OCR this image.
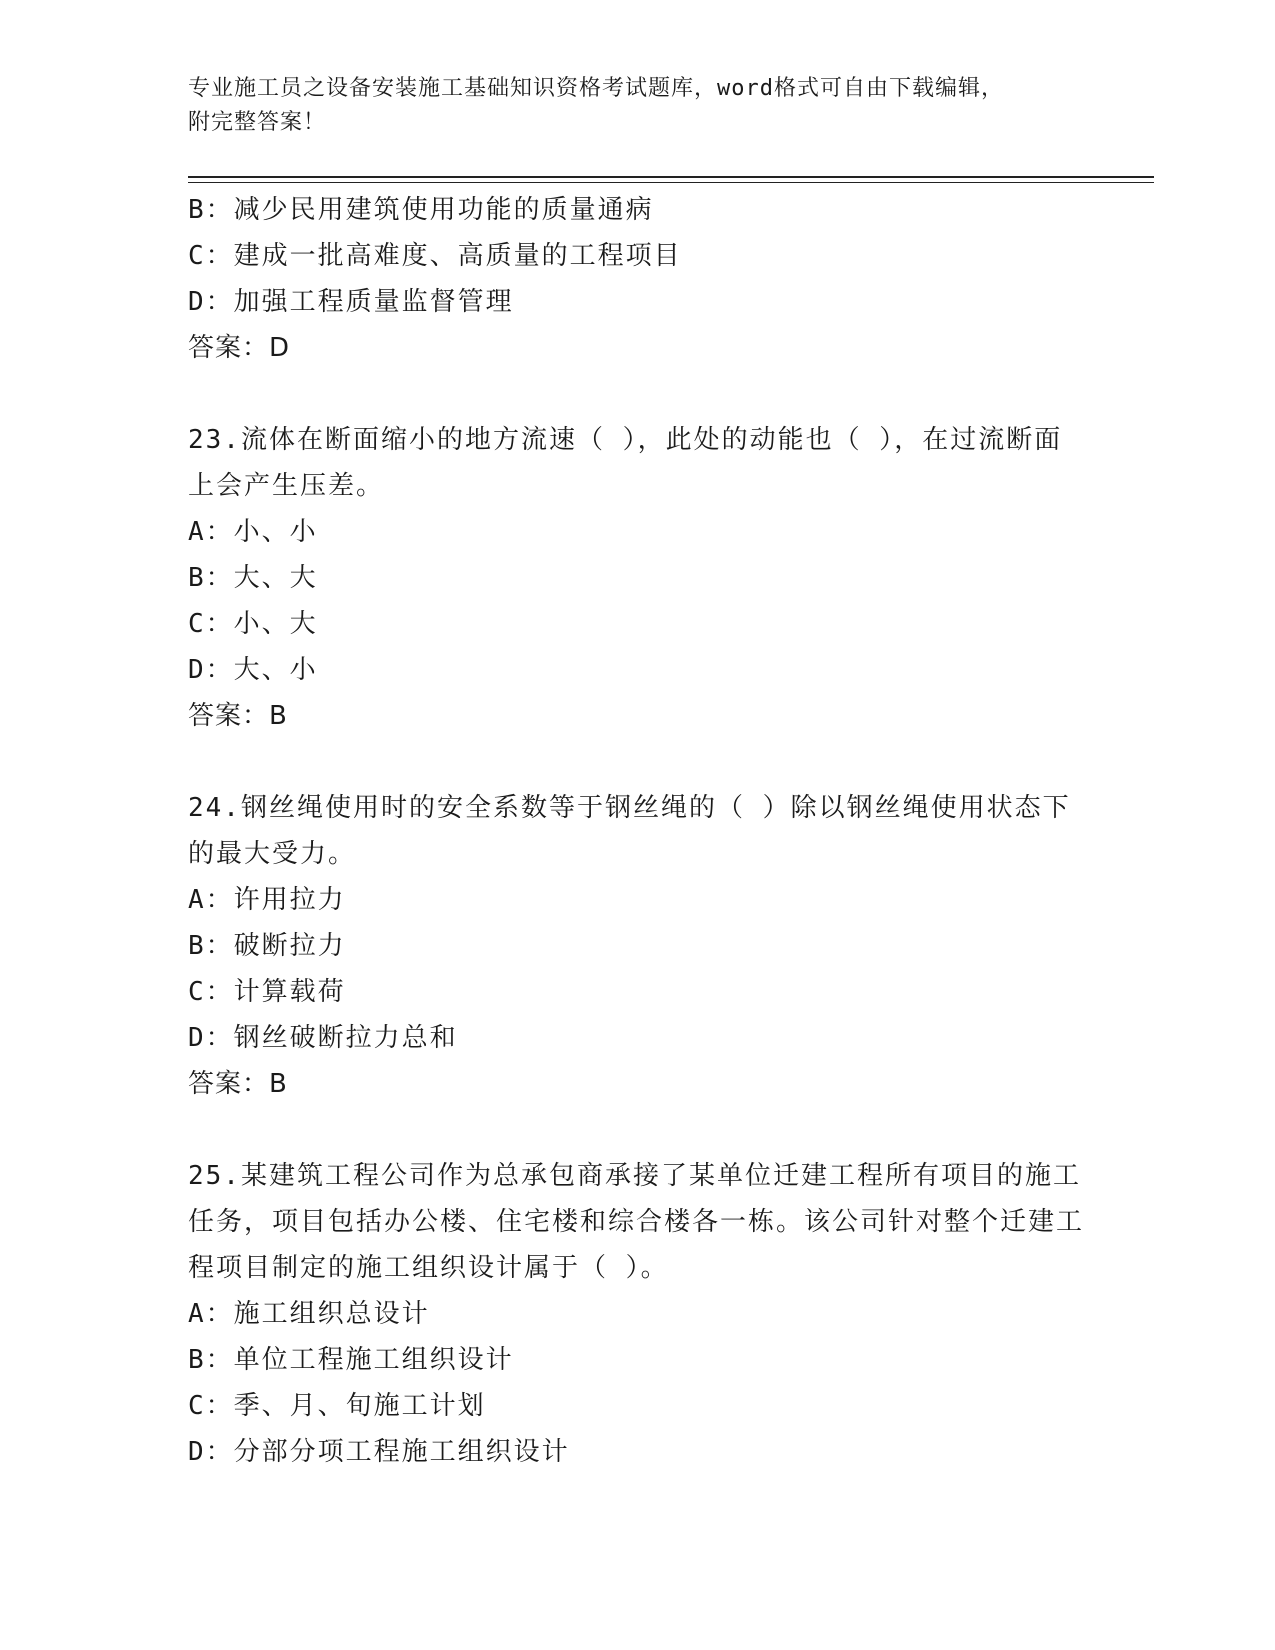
专业施工员之设备安装施工基础知识资格考试题库，word格式可自由下载编辑，
附完整答案！
B：减少民用建筑使用功能的质量通病
C：建成一批高难度、高质量的工程项目
D：加强工程质量监督管理
答案：D
23.流体在断面缩小的地方流速（ ），此处的动能也（ ），在过流断面上会产生压差。
A：小、小
B：大、大
C：小、大
D：大、小
答案：B
24.钢丝绳使用时的安全系数等于钢丝绳的（ ）除以钢丝绳使用状态下的最大受力。
A：许用拉力
B：破断拉力
C：计算载荷
D：钢丝破断拉力总和
答案：B
25.某建筑工程公司作为总承包商承接了某单位迁建工程所有项目的施工任务，项目包括办公楼、住宅楼和综合楼各一栋。该公司针对整个迁建工程项目制定的施工组织设计属于（ ）。
A：施工组织总设计
B：单位工程施工组织设计
C：季、月、旬施工计划
D：分部分项工程施工组织设计
